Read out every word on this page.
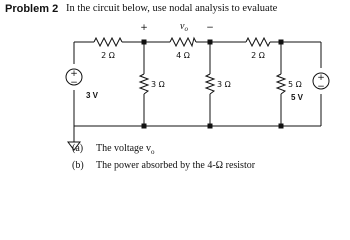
Problem 2 In the circuit below, use nodal analysis to evaluate
2 Ω	4 Ω	2 Ω
3 Ω	3 Ω	5 Ω
3 V	5 V
+
−	+
−
+	−
$v_o$
(a) The voltage $v_o$
(b) The power absorbed by the 4-Ω resistor
